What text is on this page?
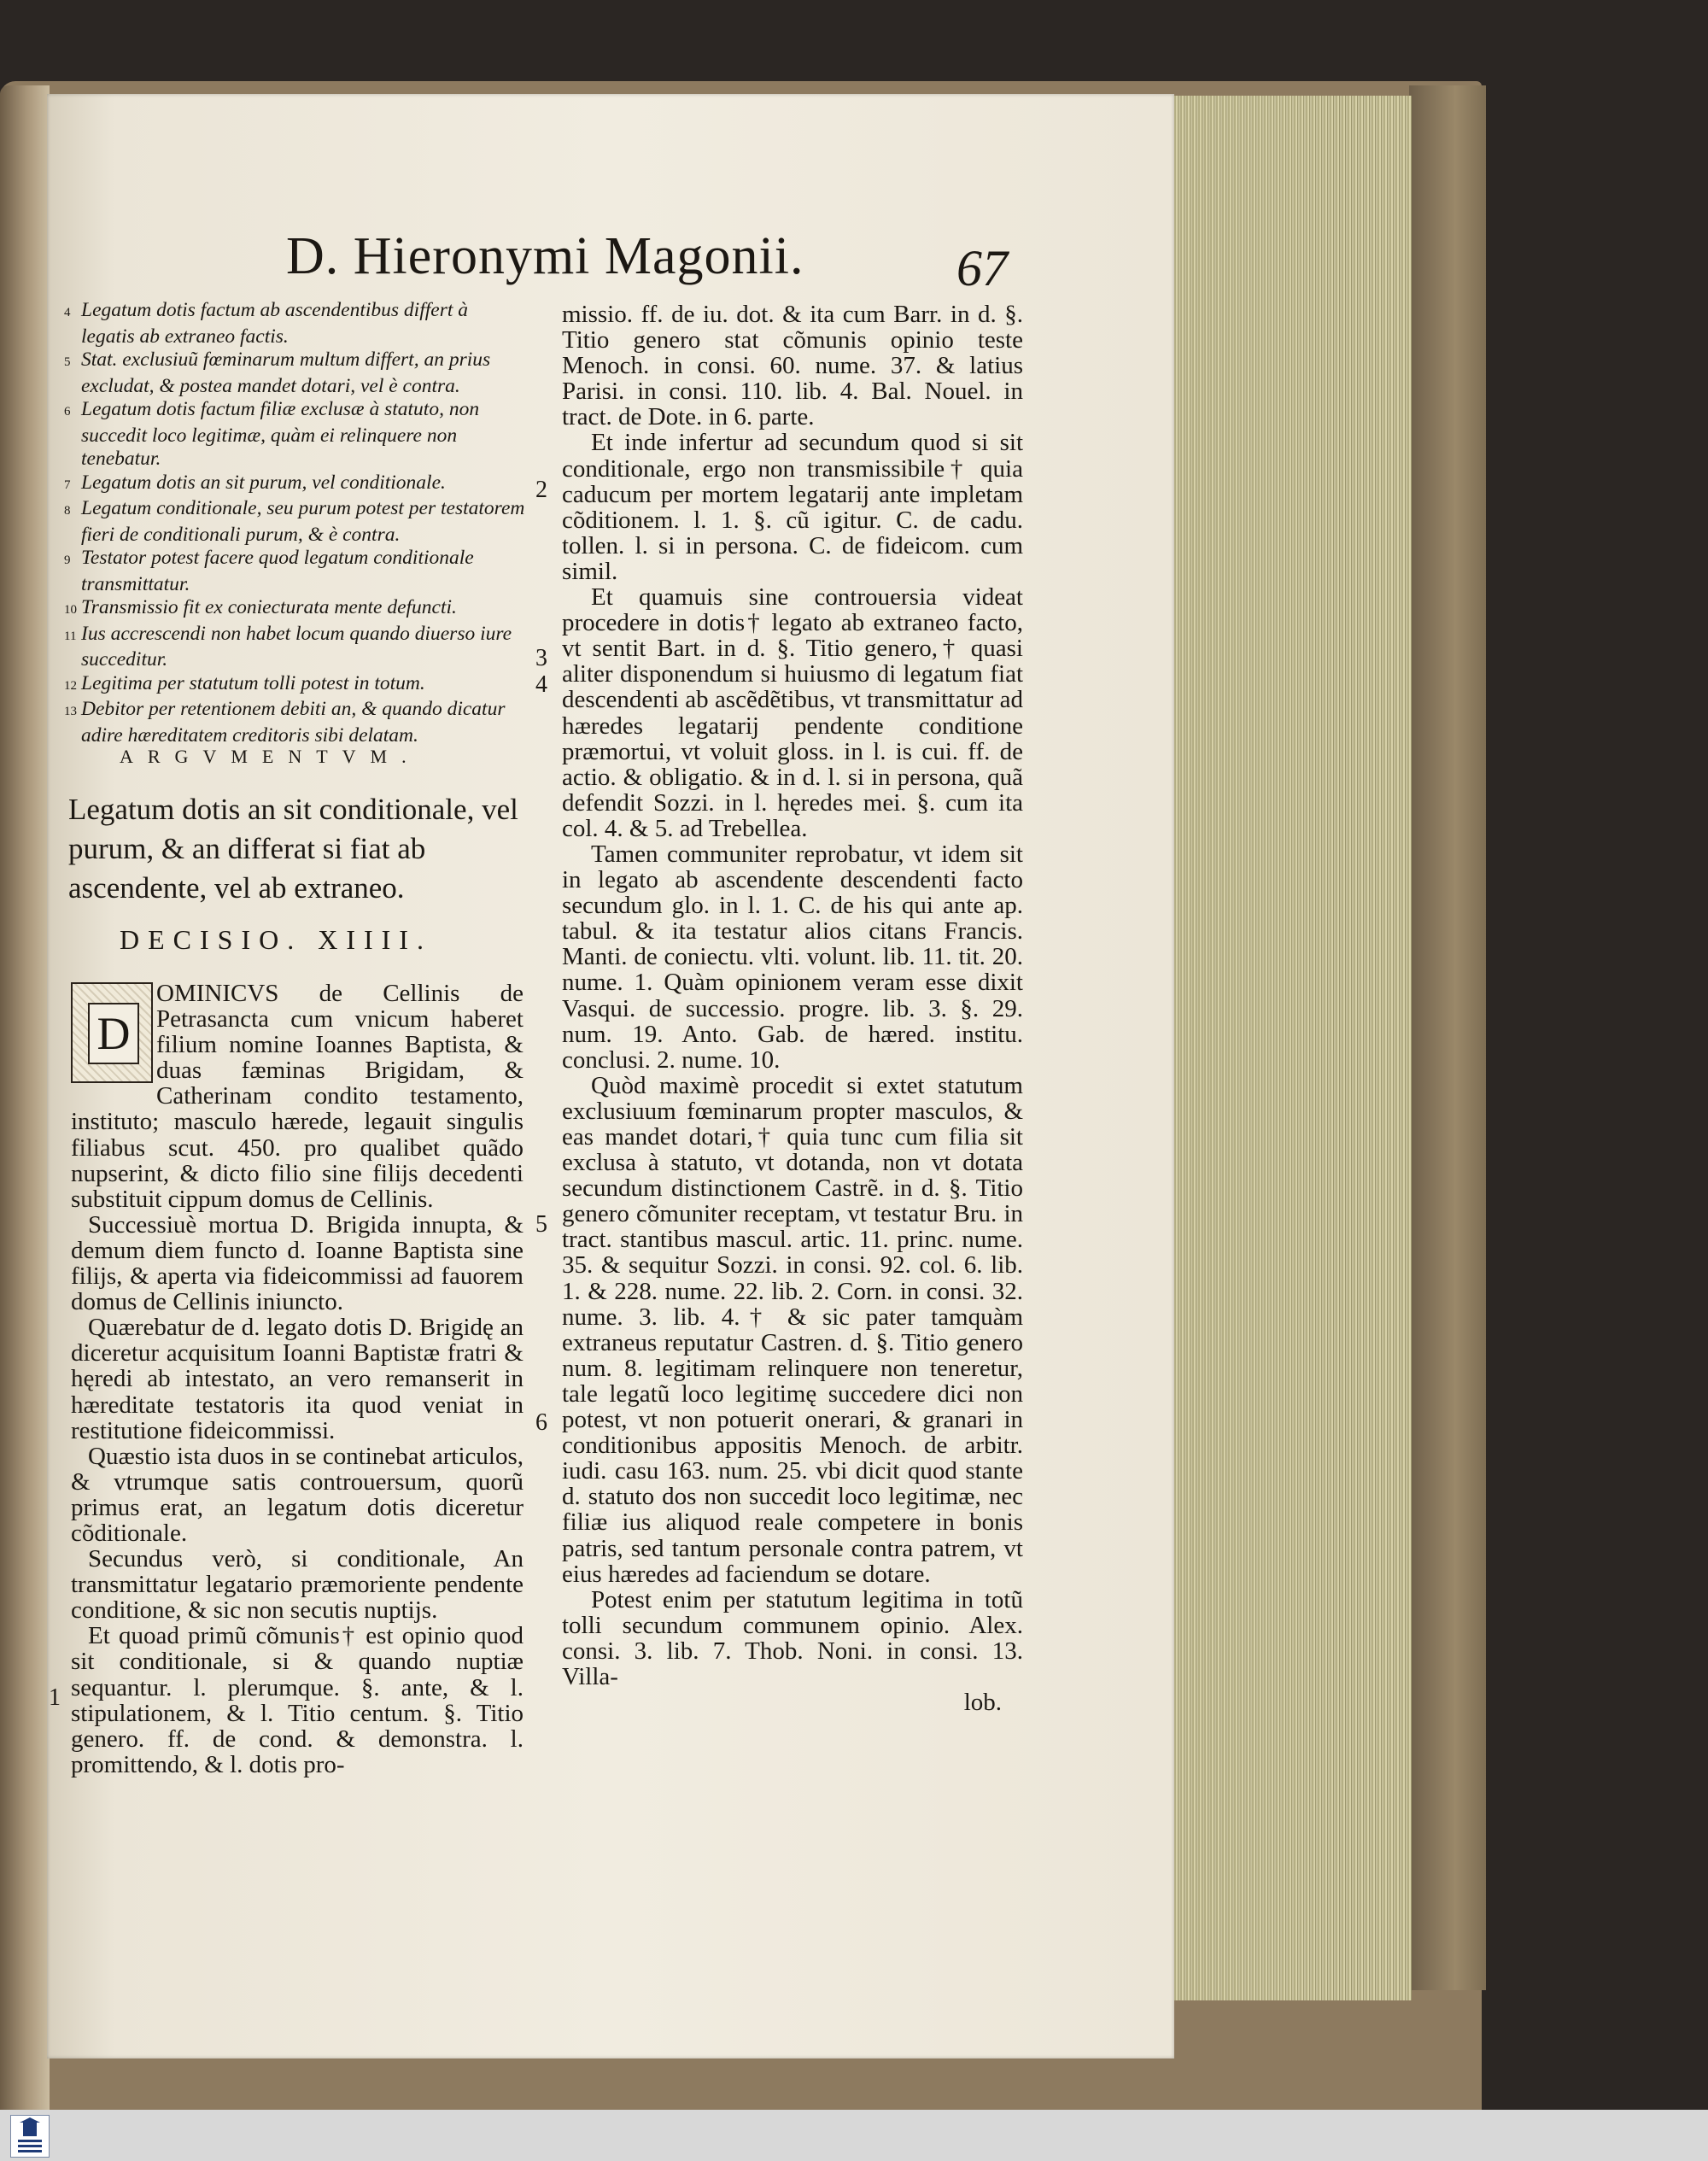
D. Hieronymi Magonii.	67
4 Legatum dotis factum ab ascendentibus differt à legatis ab extraneo factis.
5 Stat. exclusiuũ fœminarum multum differt, an prius excludat, & postea mandet dotari, vel è contra.
6 Legatum dotis factum filiæ exclusæ à statuto, non succedit loco legitimæ, quàm ei relinquere non tenebatur.
7 Legatum dotis an sit purum, vel conditionale.
8 Legatum conditionale, seu purum potest per testatorem fieri de conditionali purum, & è contra.
9 Testator potest facere quod legatum conditionale transmittatur.
10 Transmissio fit ex coniecturata mente defuncti.
11 Ius accrescendi non habet locum quando diuerso iure succeditur.
12 Legitima per statutum tolli potest in totum.
13 Debitor per retentionem debiti an, & quando dicatur adire hæreditatem creditoris sibi delatam.
ARGVMENTVM.

Legatum dotis an sit conditionale, vel purum, & an differat si fiat ab ascendente, vel ab extraneo.

DECISIO. XIIII.

OMINICVS de Cellinis de Petrasancta cum vnicum haberet filium nomine Ioannes Baptista, & duas fæminas Brigidam, & Catherinam condito testamento, instituto; masculo hærede, legauit singulis filiabus scut. 450. pro qualibet quãdo nupserint, & dicto filio sine filijs decedenti substituit cippum domus de Cellinis.

Successiuè mortua D. Brigida innupta, & demum diem functo d. Ioanne Baptista sine filijs, & aperta via fideicommissi ad fauorem domus de Cellinis iniuncto.

Quærebatur de d. legato dotis D. Brigidę an diceretur acquisitum Ioanni Baptistæ fratri & hęredi ab intestato, an vero remanserit in hæreditate testatoris ita quod veniat in restitutione fideicommissi.

Quæstio ista duos in se continebat articulos, & vtrumque satis controuersum, quorũ primus erat, an legatum dotis diceretur cõditionale.

Secundus verò, si conditionale, An transmittatur legatario præmoriente pendente conditione, & sic non secutis nuptijs.

Et quoad primũ cõmunis† est opinio quod sit conditionale, si & quando nuptiæ sequantur. l. plerumque. §. ante, & l. stipulationem, & l. Titio centum. §. Titio genero. ff. de cond. & demonstra. l. promittendo, & l. dotis pro-

D

missio. ff. de iu. dot. & ita cum Barr. in d. §. Titio genero stat cõmunis opinio teste Menoch. in consi. 60. nume. 37. & latius Parisi. in consi. 110. lib. 4. Bal. Nouel. in tract. de Dote. in 6. parte.

Et inde infertur ad secundum quod si sit conditionale, ergo non transmissibile† quia caducum per mortem legatarij ante impletam cõditionem. l. 1. §. cũ igitur. C. de cadu. tollen. l. si in persona. C. de fideicom. cum simil.

Et quamuis sine controuersia videat procedere in dotis† legato ab extraneo facto, vt sentit Bart. in d. §. Titio genero,† quasi aliter disponendum si huiusmo di legatum fiat descendenti ab ascẽdẽtibus, vt transmittatur ad hæredes legatarij pendente conditione præmortui, vt voluit gloss. in l. is cui. ff. de actio. & obligatio. & in d. l. si in persona, quã defendit Sozzi. in l. hęredes mei. §. cum ita col. 4. & 5. ad Trebellea.

Tamen communiter reprobatur, vt idem sit in legato ab ascendente descendenti facto secundum glo. in l. 1. C. de his qui ante ap. tabul. & ita testatur alios citans Francis. Manti. de coniectu. vlti. volunt. lib. 11. tit. 20. nume. 1. Quàm opinionem veram esse dixit Vasqui. de successio. progre. lib. 3. §. 29. num. 19. Anto. Gab. de hæred. institu. conclusi. 2. nume. 10.

Quòd maximè procedit si extet statutum exclusiuum fœminarum propter masculos, & eas mandet dotari,† quia tunc cum filia sit exclusa à statuto, vt dotanda, non vt dotata secundum distinctionem Castrẽ. in d. §. Titio genero cõmuniter receptam, vt testatur Bru. in tract. stantibus mascul. artic. 11. princ. nume. 35. & sequitur Sozzi. in consi. 92. col. 6. lib. 1. & 228. nume. 22. lib. 2. Corn. in consi. 32. nume. 3. lib. 4.† & sic pater tamquàm extraneus reputatur Castren. d. §. Titio genero num. 8. legitimam relinquere non teneretur, tale legatũ loco legitimę succedere dici non potest, vt non potuerit onerari, & granari in conditionibus appositis Menoch. de arbitr. iudi. casu 163. num. 25. vbi dicit quod stante d. statuto dos non succedit loco legitimæ, nec filiæ ius aliquod reale competere in bonis patris, sed tantum personale contra patrem, vt eius hæredes ad faciendum se dotare.

Potest enim per statutum legitima in totũ tolli secundum communem opinio. Alex. consi. 3. lib. 7. Thob. Noni. in consi. 13. Villa-

lob.

1
2
3
4
5
6
